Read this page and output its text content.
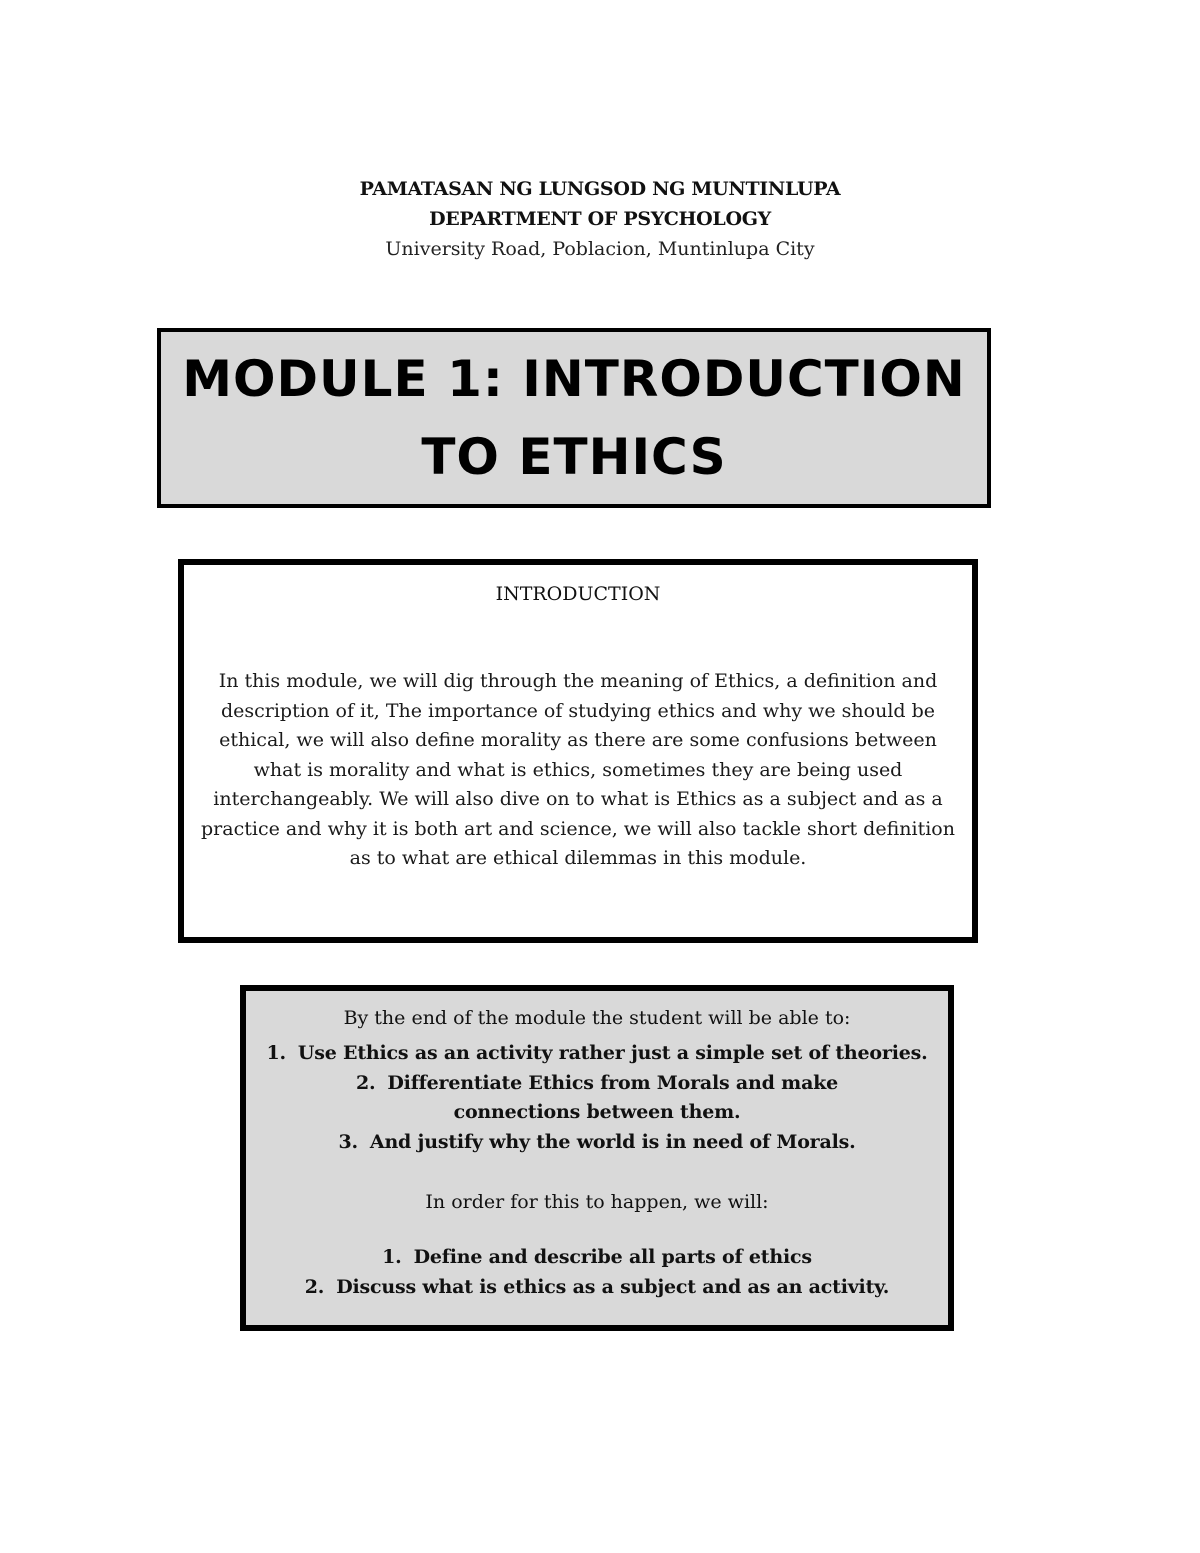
PAMATASAN NG LUNGSOD NG MUNTINLUPA
DEPARTMENT OF PSYCHOLOGY
University Road, Poblacion, Muntinlupa City
MODULE 1: INTRODUCTION
TO ETHICS
INTRODUCTION
In this module, we will dig through the meaning of Ethics, a definition and description of it, The importance of studying ethics and why we should be ethical, we will also define morality as there are some confusions between what is morality and what is ethics, sometimes they are being used interchangeably. We will also dive on to what is Ethics as a subject and as a practice and why it is both art and science, we will also tackle short definition as to what are ethical dilemmas in this module.
By the end of the module the student will be able to:
1. Use Ethics as an activity rather just a simple set of theories.
2. Differentiate Ethics from Morals and make connections between them.
3. And justify why the world is in need of Morals.
In order for this to happen, we will:
1. Define and describe all parts of ethics
2. Discuss what is ethics as a subject and as an activity.
